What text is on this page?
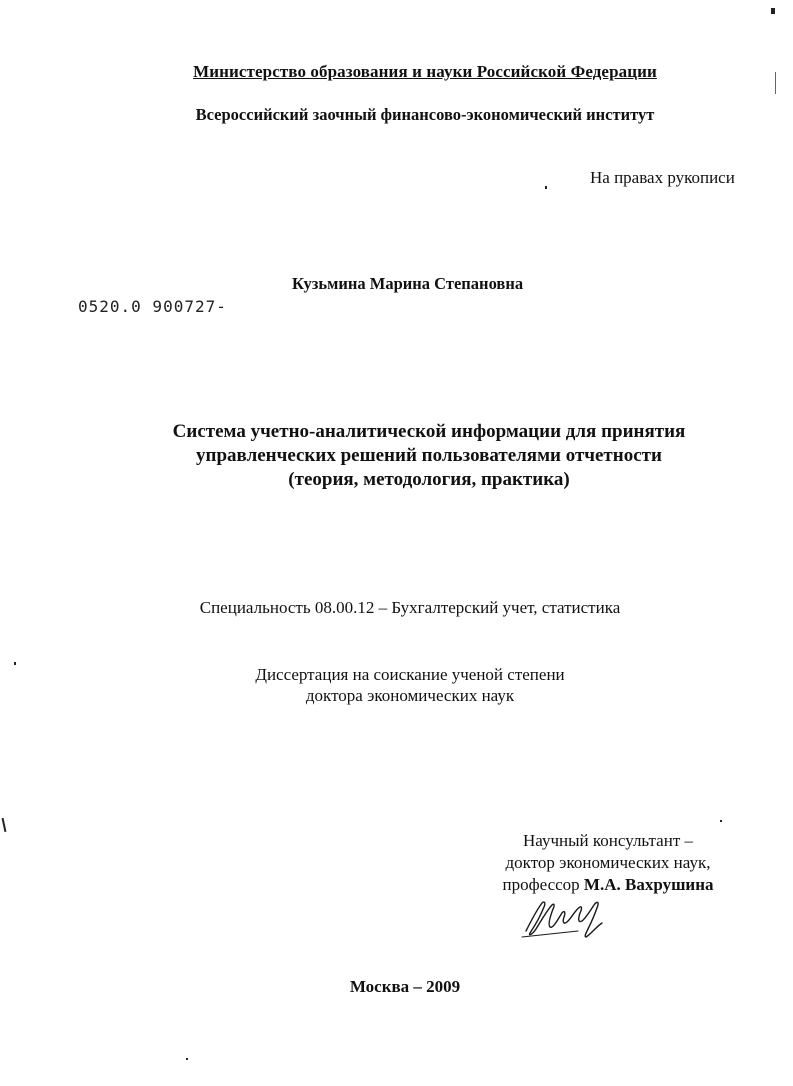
Министерство образования и науки Российской Федерации
Всероссийский заочный финансово-экономический институт
На правах рукописи
Кузьмина Марина Степановна
0520.0 900727-
Система учетно-аналитической информации для принятия
управленческих решений пользователями отчетности
(теория, методология, практика)
Специальность 08.00.12 – Бухгалтерский учет, статистика
Диссертация на соискание ученой степени
доктора экономических наук
Научный консультант –
доктор экономических наук,
профессор М.А. Вахрушина
Москва – 2009
